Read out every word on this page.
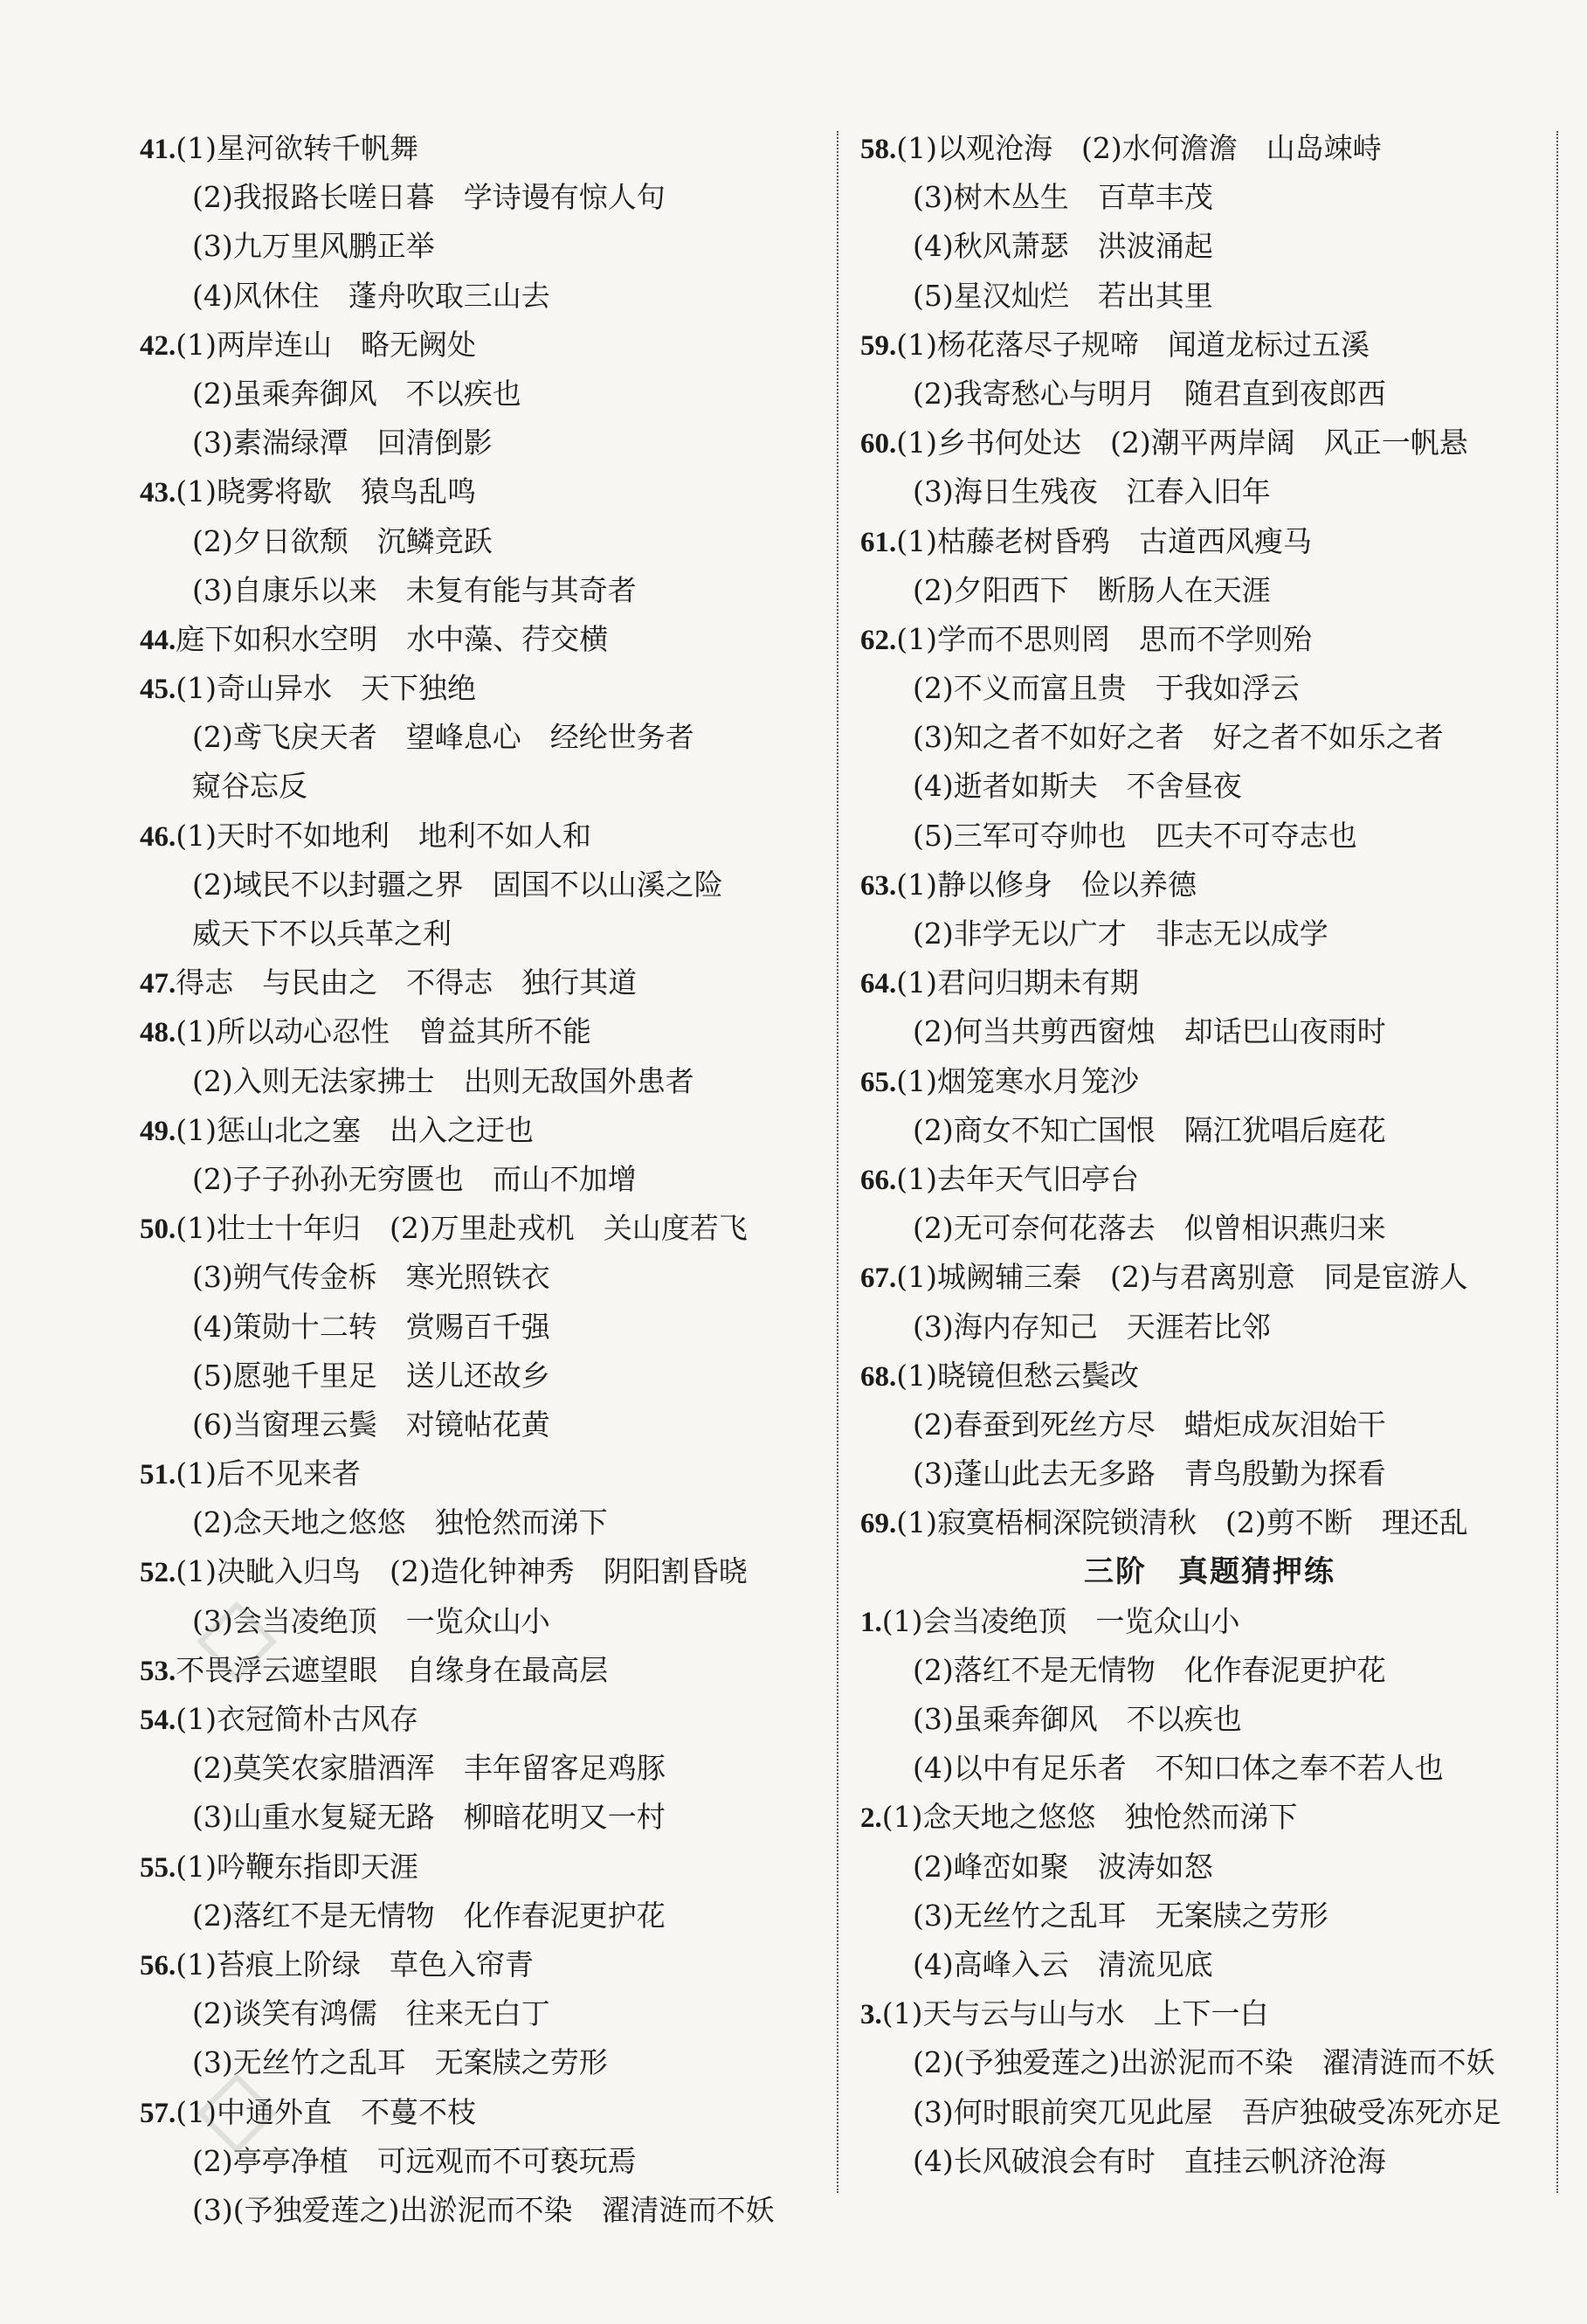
41.(1)星河欲转千帆舞
(2)我报路长嗟日暮　学诗谩有惊人句
(3)九万里风鹏正举
(4)风休住　蓬舟吹取三山去
42.(1)两岸连山　略无阙处
(2)虽乘奔御风　不以疾也
(3)素湍绿潭　回清倒影
43.(1)晓雾将歇　猿鸟乱鸣
(2)夕日欲颓　沉鳞竞跃
(3)自康乐以来　未复有能与其奇者
44.庭下如积水空明　水中藻、荇交横
45.(1)奇山异水　天下独绝
(2)鸢飞戾天者　望峰息心　经纶世务者
窥谷忘反
46.(1)天时不如地利　地利不如人和
(2)域民不以封疆之界　固国不以山溪之险
威天下不以兵革之利
47.得志　与民由之　不得志　独行其道
48.(1)所以动心忍性　曾益其所不能
(2)入则无法家拂士　出则无敌国外患者
49.(1)惩山北之塞　出入之迂也
(2)子子孙孙无穷匮也　而山不加增
50.(1)壮士十年归　(2)万里赴戎机　关山度若飞
(3)朔气传金柝　寒光照铁衣
(4)策勋十二转　赏赐百千强
(5)愿驰千里足　送儿还故乡
(6)当窗理云鬓　对镜帖花黄
51.(1)后不见来者
(2)念天地之悠悠　独怆然而涕下
52.(1)决眦入归鸟　(2)造化钟神秀　阴阳割昏晓
(3)会当凌绝顶　一览众山小
53.不畏浮云遮望眼　自缘身在最高层
54.(1)衣冠简朴古风存
(2)莫笑农家腊酒浑　丰年留客足鸡豚
(3)山重水复疑无路　柳暗花明又一村
55.(1)吟鞭东指即天涯
(2)落红不是无情物　化作春泥更护花
56.(1)苔痕上阶绿　草色入帘青
(2)谈笑有鸿儒　往来无白丁
(3)无丝竹之乱耳　无案牍之劳形
57.(1)中通外直　不蔓不枝
(2)亭亭净植　可远观而不可亵玩焉
(3)(予独爱莲之)出淤泥而不染　濯清涟而不妖
58.(1)以观沧海　(2)水何澹澹　山岛竦峙
(3)树木丛生　百草丰茂
(4)秋风萧瑟　洪波涌起
(5)星汉灿烂　若出其里
59.(1)杨花落尽子规啼　闻道龙标过五溪
(2)我寄愁心与明月　随君直到夜郎西
60.(1)乡书何处达　(2)潮平两岸阔　风正一帆悬
(3)海日生残夜　江春入旧年
61.(1)枯藤老树昏鸦　古道西风瘦马
(2)夕阳西下　断肠人在天涯
62.(1)学而不思则罔　思而不学则殆
(2)不义而富且贵　于我如浮云
(3)知之者不如好之者　好之者不如乐之者
(4)逝者如斯夫　不舍昼夜
(5)三军可夺帅也　匹夫不可夺志也
63.(1)静以修身　俭以养德
(2)非学无以广才　非志无以成学
64.(1)君问归期未有期
(2)何当共剪西窗烛　却话巴山夜雨时
65.(1)烟笼寒水月笼沙
(2)商女不知亡国恨　隔江犹唱后庭花
66.(1)去年天气旧亭台
(2)无可奈何花落去　似曾相识燕归来
67.(1)城阙辅三秦　(2)与君离别意　同是宦游人
(3)海内存知己　天涯若比邻
68.(1)晓镜但愁云鬓改
(2)春蚕到死丝方尽　蜡炬成灰泪始干
(3)蓬山此去无多路　青鸟殷勤为探看
69.(1)寂寞梧桐深院锁清秋　(2)剪不断　理还乱
三阶　真题猜押练
1.(1)会当凌绝顶　一览众山小
(2)落红不是无情物　化作春泥更护花
(3)虽乘奔御风　不以疾也
(4)以中有足乐者　不知口体之奉不若人也
2.(1)念天地之悠悠　独怆然而涕下
(2)峰峦如聚　波涛如怒
(3)无丝竹之乱耳　无案牍之劳形
(4)高峰入云　清流见底
3.(1)天与云与山与水　上下一白
(2)(予独爱莲之)出淤泥而不染　濯清涟而不妖
(3)何时眼前突兀见此屋　吾庐独破受冻死亦足
(4)长风破浪会有时　直挂云帆济沧海
◇
◇
